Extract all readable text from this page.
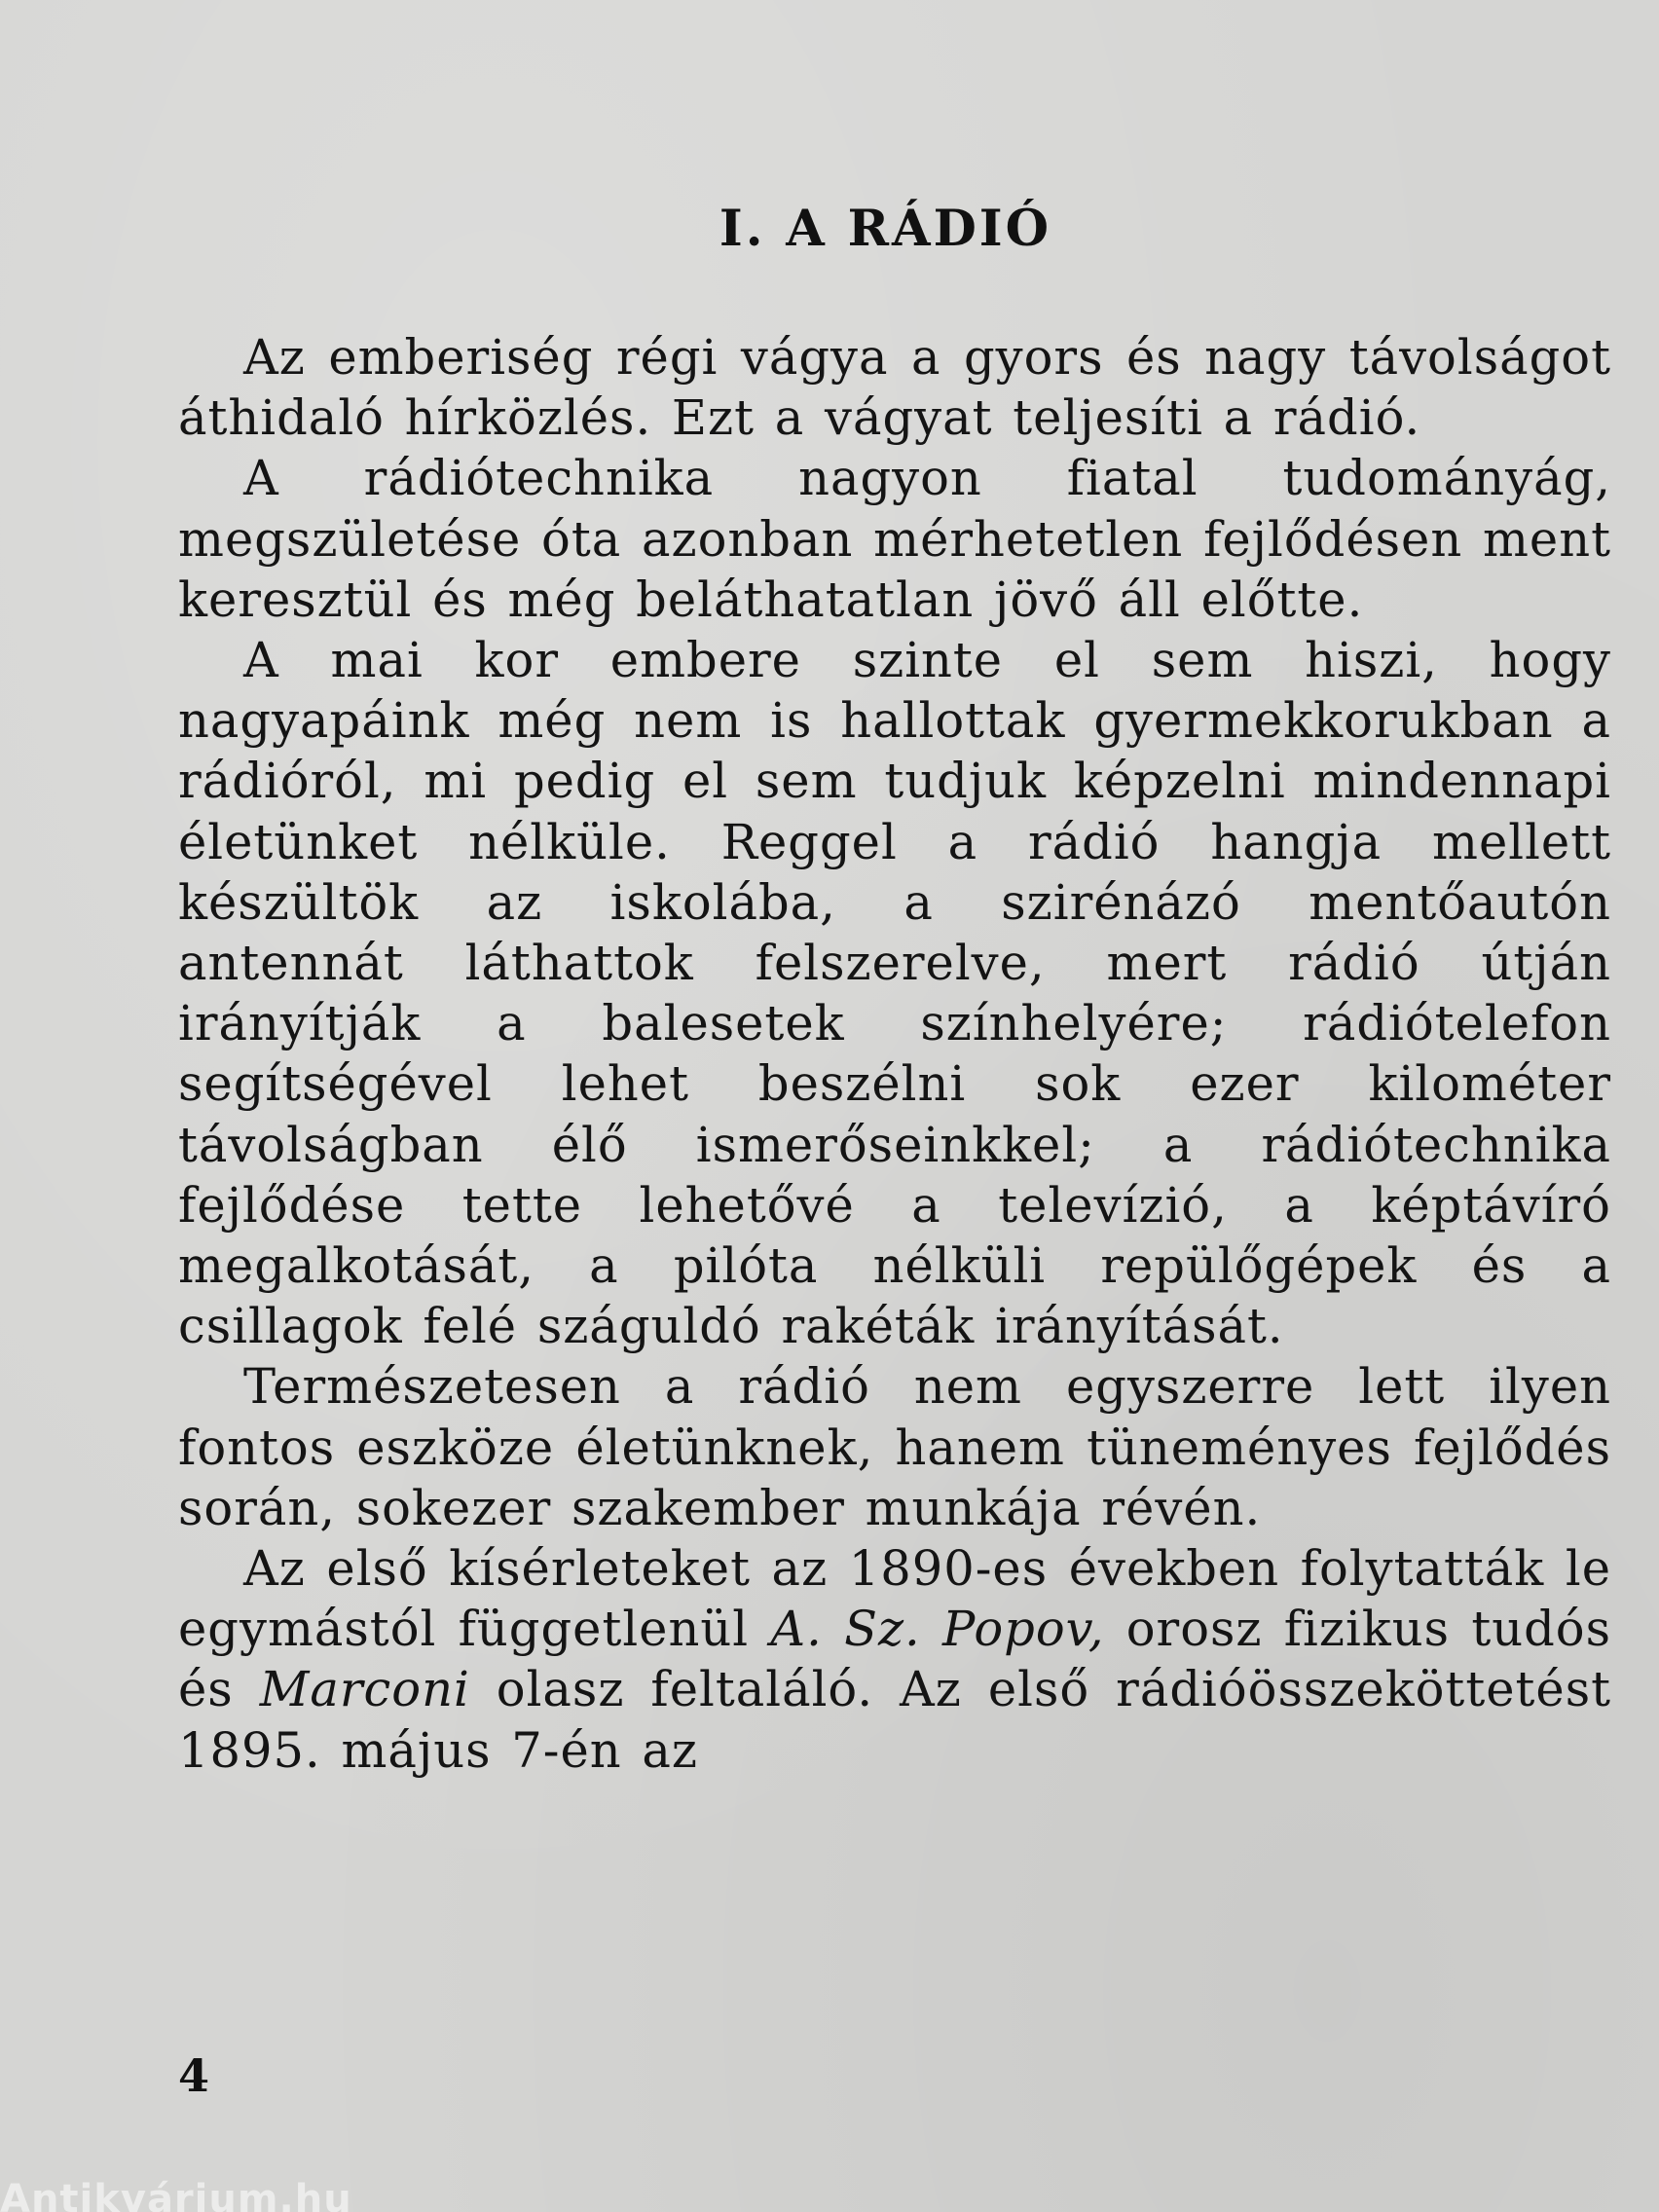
I. A RÁDIÓ

Az emberiség régi vágya a gyors és nagy távolságot áthidaló hírközlés. Ezt a vágyat teljesíti a rádió.

A rádiótechnika nagyon fiatal tudományág, megszületése óta azonban mérhetetlen fejlődésen ment keresztül és még beláthatatlan jövő áll előtte.

A mai kor embere szinte el sem hiszi, hogy nagyapáink még nem is hallottak gyermekkorukban a rádióról, mi pedig el sem tudjuk képzelni mindennapi életünket nélküle. Reggel a rádió hangja mellett készültök az iskolába, a szirénázó mentőautón antennát láthattok felszerelve, mert rádió útján irányítják a balesetek színhelyére; rádiótelefon segítségével lehet beszélni sok ezer kilométer távolságban élő ismerőseinkkel; a rádiótechnika fejlődése tette lehetővé a televízió, a képtávíró megalkotását, a pilóta nélküli repülőgépek és a csillagok felé száguldó rakéták irányítását.

Természetesen a rádió nem egyszerre lett ilyen fontos eszköze életünknek, hanem tüneményes fejlődés során, sokezer szakember munkája révén.

Az első kísérleteket az 1890-es években folytatták le egymástól függetlenül A. Sz. Popov, orosz fizikus tudós és Marconi olasz feltaláló. Az első rádióösszeköttetést 1895. május 7-én az

4

Antikvárium.hu
